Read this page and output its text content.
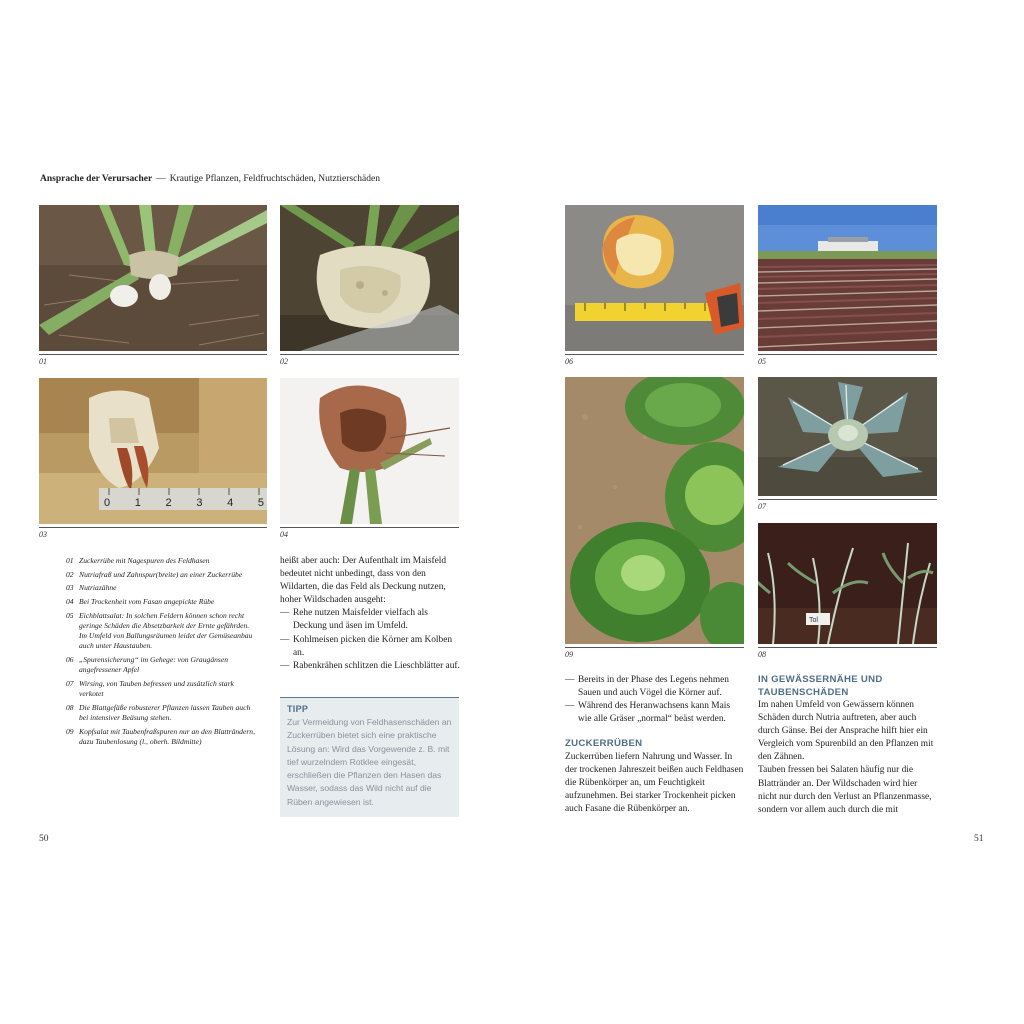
Ansprache der Verursacher — Krautige Pflanzen, Feldfruchtschäden, Nutztierschäden
01	02
0 1 2 3 4 5
03	04
01 Zuckerrübe mit Nagespuren des Feldhasen
02 Nutriafraß und Zahnspur(breite) an einer Zuckerrübe
03 Nutriazähne
04 Bei Trockenheit vom Fasan angepickte Rübe
05 Eichblattsalat: In solchen Feldern können schon recht geringe Schäden die Absetzbarkeit der Ernte gefährden. Im Umfeld von Ballungsräumen leidet der Gemüseanbau auch unter Haustauben.
06 „Spurensicherung“ im Gehege: von Graugänsen angefressener Apfel
07 Wirsing, von Tauben befressen und zusätzlich stark verkotet
08 Die Blattgefäße robusterer Pflanzen lassen Tauben auch bei intensiver Beäsung stehen.
09 Kopfsalat mit Taubenfraßspuren nur an den Blatträndern, dazu Taubenlosung (l., oberh. Bildmitte)

heißt aber auch: Der Aufenthalt im Maisfeld bedeutet nicht unbedingt, dass von den Wildarten, die das Feld als Deckung nutzen, hoher Wildschaden ausgeht:

— Rehe nutzen Maisfelder vielfach als Deckung und äsen im Umfeld.
— Kohlmeisen picken die Körner am Kolben an.
— Rabenkrähen schlitzen die Lieschblätter auf.
TIPP
Zur Vermeidung von Feldhasenschäden an Zuckerrüben bietet sich eine praktische Lösung an: Wird das Vorgewende z. B. mit tief wurzelndem Rotklee eingesät, erschließen die Pflanzen den Hasen das Wasser, sodass das Wild nicht auf die Rüben angewiesen ist.
50
06	05
09
07
Tol
08
— Bereits in der Phase des Legens nehmen Sauen und auch Vögel die Körner auf.
— Während des Heranwachsens kann Mais wie alle Gräser „normal“ beäst werden.
ZUCKERRÜBEN

Zuckerrüben liefern Nahrung und Wasser. In der trockenen Jahreszeit beißen auch Feldhasen die Rübenkörper an, um Feuchtigkeit aufzunehmen. Bei starker Trockenheit picken auch Fasane die Rübenkörper an.

IN GEWÄSSERNÄHE UND TAUBENSCHÄDEN

Im nahen Umfeld von Gewässern können Schäden durch Nutria auftreten, aber auch durch Gänse. Bei der Ansprache hilft hier ein Vergleich vom Spurenbild an den Pflanzen mit den Zähnen.

Tauben fressen bei Salaten häufig nur die Blattränder an. Der Wildschaden wird hier nicht nur durch den Verlust an Pflanzenmasse, sondern vor allem auch durch die mit

51
